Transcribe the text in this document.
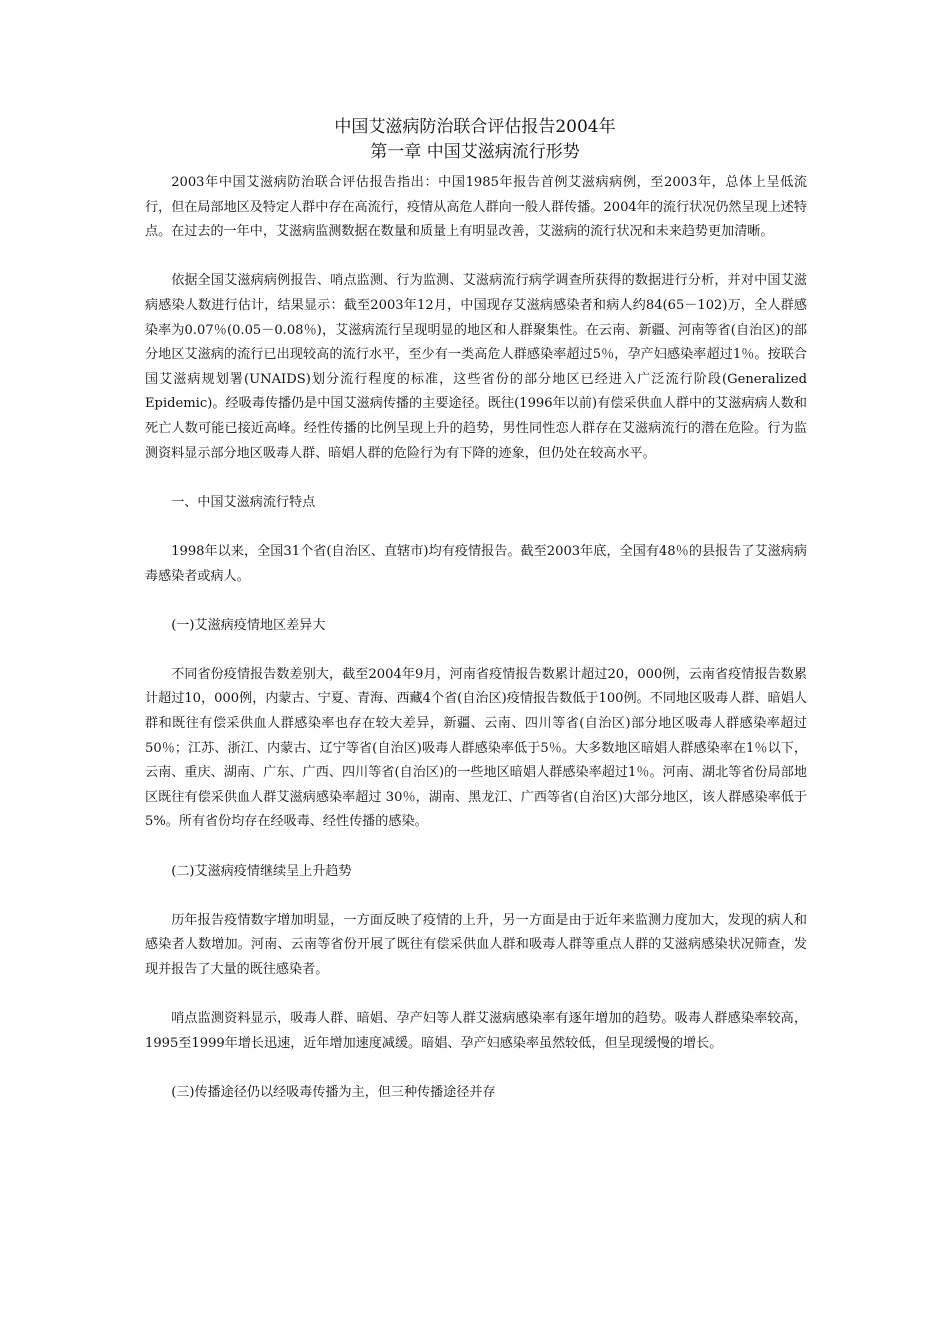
中国艾滋病防治联合评估报告2004年
第一章 中国艾滋病流行形势

2003年中国艾滋病防治联合评估报告指出：中国1985年报告首例艾滋病病例，至2003年，总体上呈低流行，但在局部地区及特定人群中存在高流行，疫情从高危人群向一般人群传播。2004年的流行状况仍然呈现上述特点。在过去的一年中，艾滋病监测数据在数量和质量上有明显改善，艾滋病的流行状况和未来趋势更加清晰。

依据全国艾滋病病例报告、哨点监测、行为监测、艾滋病流行病学调查所获得的数据进行分析，并对中国艾滋病感染人数进行估计，结果显示：截至2003年12月，中国现存艾滋病感染者和病人约84(65－102)万，全人群感染率为0.07％(0.05－0.08％)，艾滋病流行呈现明显的地区和人群聚集性。在云南、新疆、河南等省(自治区)的部分地区艾滋病的流行已出现较高的流行水平，至少有一类高危人群感染率超过5％，孕产妇感染率超过1％。按联合国艾滋病规划署(UNAIDS)划分流行程度的标准，这些省份的部分地区已经进入广泛流行阶段(Generalized Epidemic)。经吸毒传播仍是中国艾滋病传播的主要途径。既往(1996年以前)有偿采供血人群中的艾滋病病人数和死亡人数可能已接近高峰。经性传播的比例呈现上升的趋势，男性同性恋人群存在艾滋病流行的潜在危险。行为监测资料显示部分地区吸毒人群、暗娼人群的危险行为有下降的迹象，但仍处在较高水平。

一、中国艾滋病流行特点

1998年以来，全国31个省(自治区、直辖市)均有疫情报告。截至2003年底，全国有48％的县报告了艾滋病病毒感染者或病人。

(一)艾滋病疫情地区差异大

不同省份疫情报告数差别大，截至2004年9月，河南省疫情报告数累计超过20，000例，云南省疫情报告数累计超过10，000例，内蒙古、宁夏、青海、西藏4个省(自治区)疫情报告数低于100例。不同地区吸毒人群、暗娼人群和既往有偿采供血人群感染率也存在较大差异，新疆、云南、四川等省(自治区)部分地区吸毒人群感染率超过50％；江苏、浙江、内蒙古、辽宁等省(自治区)吸毒人群感染率低于5％。大多数地区暗娼人群感染率在1％以下，云南、重庆、湖南、广东、广西、四川等省(自治区)的一些地区暗娼人群感染率超过1％。河南、湖北等省份局部地区既往有偿采供血人群艾滋病感染率超过 30％，湖南、黑龙江、广西等省(自治区)大部分地区，该人群感染率低于5%。所有省份均存在经吸毒、经性传播的感染。

(二)艾滋病疫情继续呈上升趋势

历年报告疫情数字增加明显，一方面反映了疫情的上升，另一方面是由于近年来监测力度加大，发现的病人和感染者人数增加。河南、云南等省份开展了既往有偿采供血人群和吸毒人群等重点人群的艾滋病感染状况筛查，发现并报告了大量的既往感染者。

哨点监测资料显示，吸毒人群、暗娼、孕产妇等人群艾滋病感染率有逐年增加的趋势。吸毒人群感染率较高，1995至1999年增长迅速，近年增加速度减缓。暗娼、孕产妇感染率虽然较低，但呈现缓慢的增长。

(三)传播途径仍以经吸毒传播为主，但三种传播途径并存
